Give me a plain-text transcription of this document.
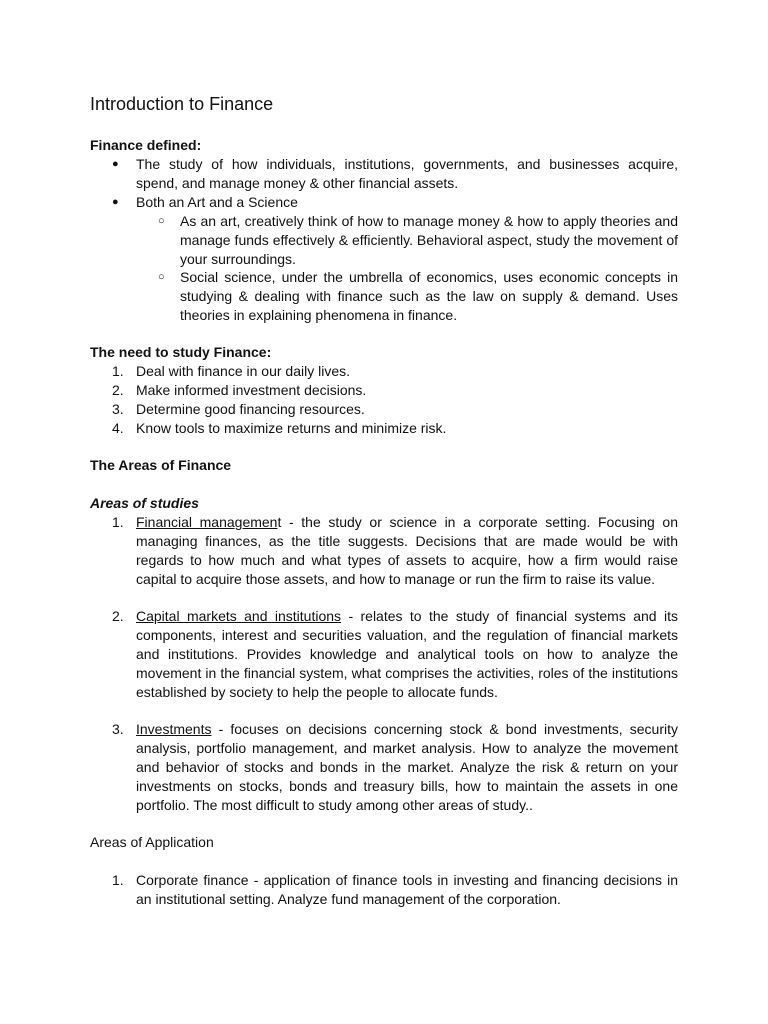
Introduction to Finance

Finance defined:

● The study of how individuals, institutions, governments, and businesses acquire, spend, and manage money & other financial assets.
● Both an Art and a Science
○ As an art, creatively think of how to manage money & how to apply theories and manage funds effectively & efficiently. Behavioral aspect, study the movement of your surroundings.
○ Social science, under the umbrella of economics, uses economic concepts in studying & dealing with finance such as the law on supply & demand. Uses theories in explaining phenomena in finance.

The need to study Finance:

1. Deal with finance in our daily lives.
2. Make informed investment decisions.
3. Determine good financing resources.
4. Know tools to maximize returns and minimize risk.

The Areas of Finance

Areas of studies

1. Financial management - the study or science in a corporate setting. Focusing on managing finances, as the title suggests. Decisions that are made would be with regards to how much and what types of assets to acquire, how a firm would raise capital to acquire those assets, and how to manage or run the firm to raise its value.
2. Capital markets and institutions - relates to the study of financial systems and its components, interest and securities valuation, and the regulation of financial markets and institutions. Provides knowledge and analytical tools on how to analyze the movement in the financial system, what comprises the activities, roles of the institutions established by society to help the people to allocate funds.
3. Investments - focuses on decisions concerning stock & bond investments, security analysis, portfolio management, and market analysis. How to analyze the movement and behavior of stocks and bonds in the market. Analyze the risk & return on your investments on stocks, bonds and treasury bills, how to maintain the assets in one portfolio. The most difficult to study among other areas of study..

Areas of Application

1. Corporate finance - application of finance tools in investing and financing decisions in an institutional setting. Analyze fund management of the corporation.
